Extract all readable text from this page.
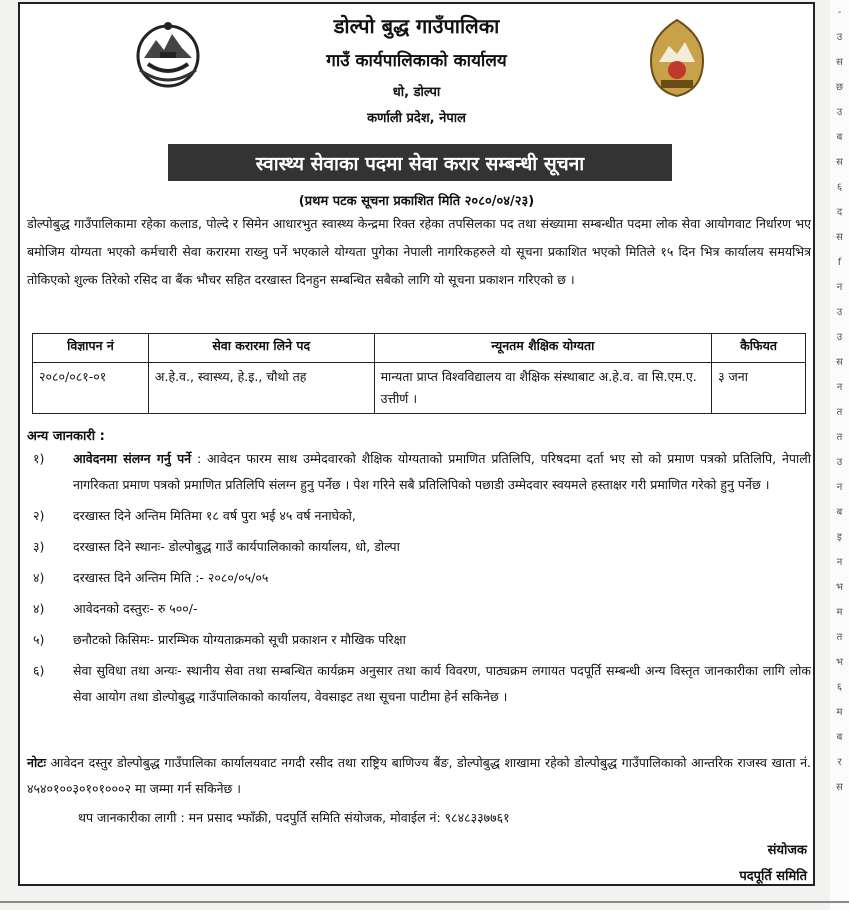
-
उ
स
छ
उ
ब
स
६
द
स
f
न
उ
उ
स
न
त
त
उ
न
ब
इ
न
भ
म
त
भ
६
म
ब
र
स
डोल्पो बुद्ध गाउँपालिका
गाउँ कार्यपालिकाको कार्यालय
धो, डोल्पा
कर्णाली प्रदेश, नेपाल
स्वास्थ्य सेवाका पदमा सेवा करार सम्बन्धी सूचना
(प्रथम पटक सूचना प्रकाशित मिति २०८०/०४/२३)

डोल्पोबुद्ध गाउँपालिकामा रहेका कलाड, पोल्दे र सिमेन आधारभुत स्वास्थ्य केन्द्रमा रिक्त रहेका तपसिलका पद तथा संख्यामा सम्बन्धीत पदमा लोक सेवा आयोगवाट निर्धारण भए बमोजिम योग्यता भएको कर्मचारी सेवा करारमा राख्नु पर्ने भएकाले योग्यता पुगेका नेपाली नागरिकहरुले यो सूचना प्रकाशित भएको मितिले १५ दिन भित्र कार्यालय समयभित्र तोकिएको शुल्क तिरेको रसिद वा बैंक भौचर सहित दरखास्त दिनहुन सम्बन्धित सबैको लागि यो सूचना प्रकाशन गरिएको छ ।

विज्ञापन नं	सेवा करारमा लिने पद	न्यूनतम शैक्षिक योग्यता	कैफियत
२०८०/०८१-०१	अ.हे.व., स्वास्थ्य, हे.इ., चौथो तह	मान्यता प्राप्त विश्वविद्यालय वा शैक्षिक संस्थाबाट अ.हे.व. वा सि.एम.ए. उत्तीर्ण ।	३ जना
अन्य जानकारी :
१) आवेदनमा संलग्न गर्नु पर्ने : आवेदन फारम साथ उम्मेदवारको शैक्षिक योग्यताको प्रमाणित प्रतिलिपि, परिषदमा दर्ता भए सो को प्रमाण पत्रको प्रतिलिपि, नेपाली नागरिकता प्रमाण पत्रको प्रमाणित प्रतिलिपि संलग्न हुनु पर्नेछ । पेश गरिने सबै प्रतिलिपिको पछाडी उम्मेदवार स्वयमले हस्ताक्षर गरी प्रमाणित गरेको हुनु पर्नेछ ।
२) दरखास्त दिने अन्तिम मितिमा १८ वर्ष पुरा भई ४५ वर्ष ननाघेको,
३) दरखास्त दिने स्थानः- डोल्पोबुद्ध गाउँ कार्यपालिकाको कार्यालय, धो, डोल्पा
४) दरखास्त दिने अन्तिम मिति :- २०८०/०५/०५
४) आवेदनको दस्तुरः- रु ५००/-
५) छनौटको किसिमः- प्रारम्भिक योग्यताक्रमको सूची प्रकाशन र मौखिक परिक्षा
६) सेवा सुविधा तथा अन्यः- स्थानीय सेवा तथा सम्बन्धित कार्यक्रम अनुसार तथा कार्य विवरण, पाठ्यक्रम लगायत पदपूर्ति सम्बन्धी अन्य विस्तृत जानकारीका लागि लोक सेवा आयोग तथा डोल्पोबुद्ध गाउँपालिकाको कार्यालय, वेवसाइट तथा सूचना पाटीमा हेर्न सकिनेछ ।

नोटः आवेदन दस्तुर डोल्पोबुद्ध गाउँपालिका कार्यालयवाट नगदी रसीद तथा राष्ट्रिय बाणिज्य बैंङ, डोल्पोबुद्ध शाखामा रहेको डोल्पोबुद्ध गाउँपालिकाको आन्तरिक राजस्व खाता नं. ४५४०१००३०१०१०००२ मा जम्मा गर्न सकिनेछ ।

थप जानकारीका लागी : मन प्रसाद भ्फाँक्री, पदपुर्ति समिति संयोजक, मोवाईल नं: ९८४८३३७७६१
संयोजक
पदपूर्ति समिति
